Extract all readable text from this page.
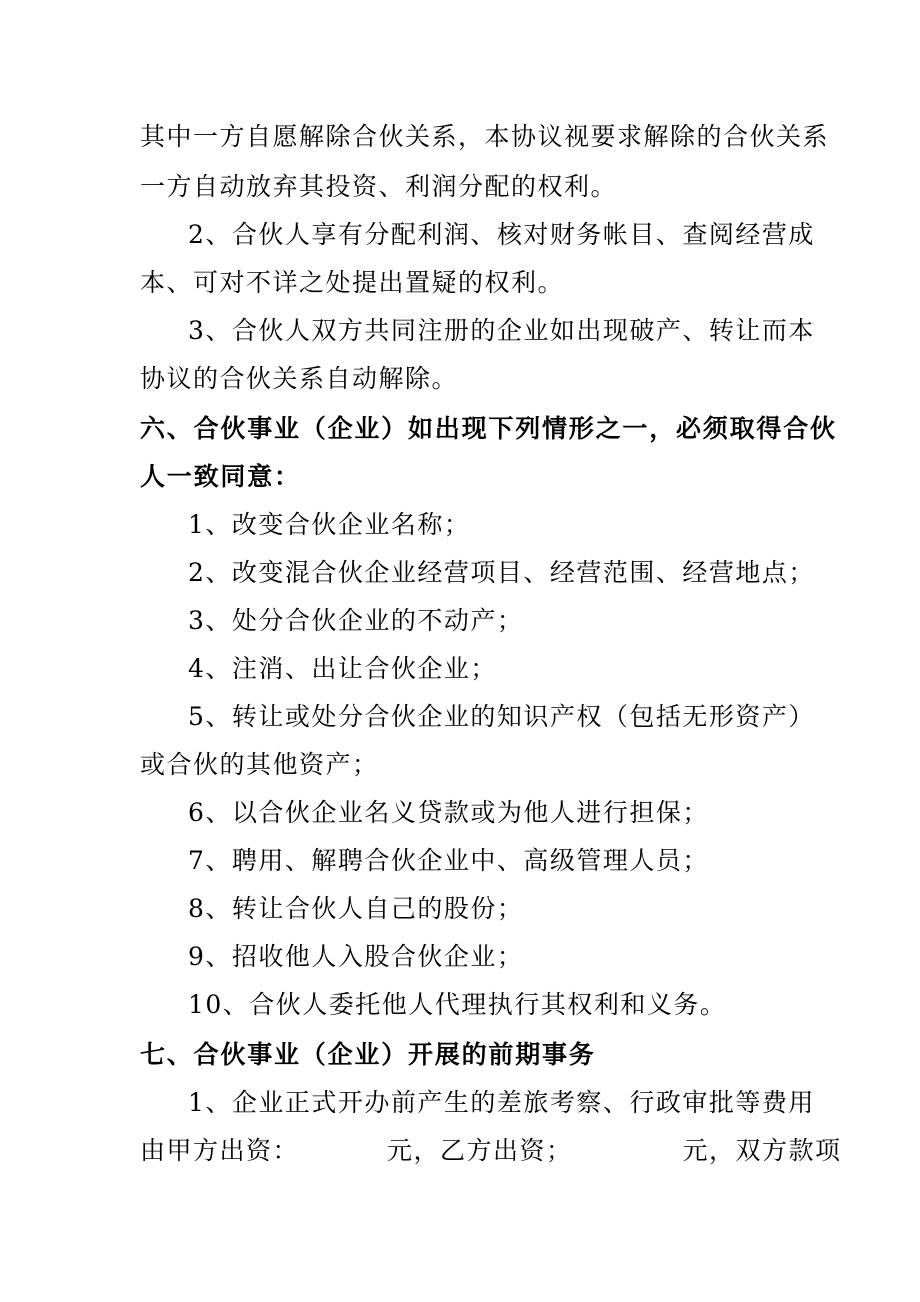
其中一方自愿解除合伙关系，本协议视要求解除的合伙关系
一方自动放弃其投资、利润分配的权利。
2、合伙人享有分配利润、核对财务帐目、查阅经营成
本、可对不详之处提出置疑的权利。
3、合伙人双方共同注册的企业如出现破产、转让而本
协议的合伙关系自动解除。
六、合伙事业（企业）如出现下列情形之一，必须取得合伙
人一致同意：
1、改变合伙企业名称；
2、改变混合伙企业经营项目、经营范围、经营地点；
3、处分合伙企业的不动产；
4、注消、出让合伙企业；
5、转让或处分合伙企业的知识产权（包括无形资产）
或合伙的其他资产；
6、以合伙企业名义贷款或为他人进行担保；
7、聘用、解聘合伙企业中、高级管理人员；
8、转让合伙人自己的股份；
9、招收他人入股合伙企业；
10、合伙人委托他人代理执行其权利和义务。
七、合伙事业（企业）开展的前期事务
1、企业正式开办前产生的差旅考察、行政审批等费用
由甲方出资：	元，乙方出资；	元，双方款项
